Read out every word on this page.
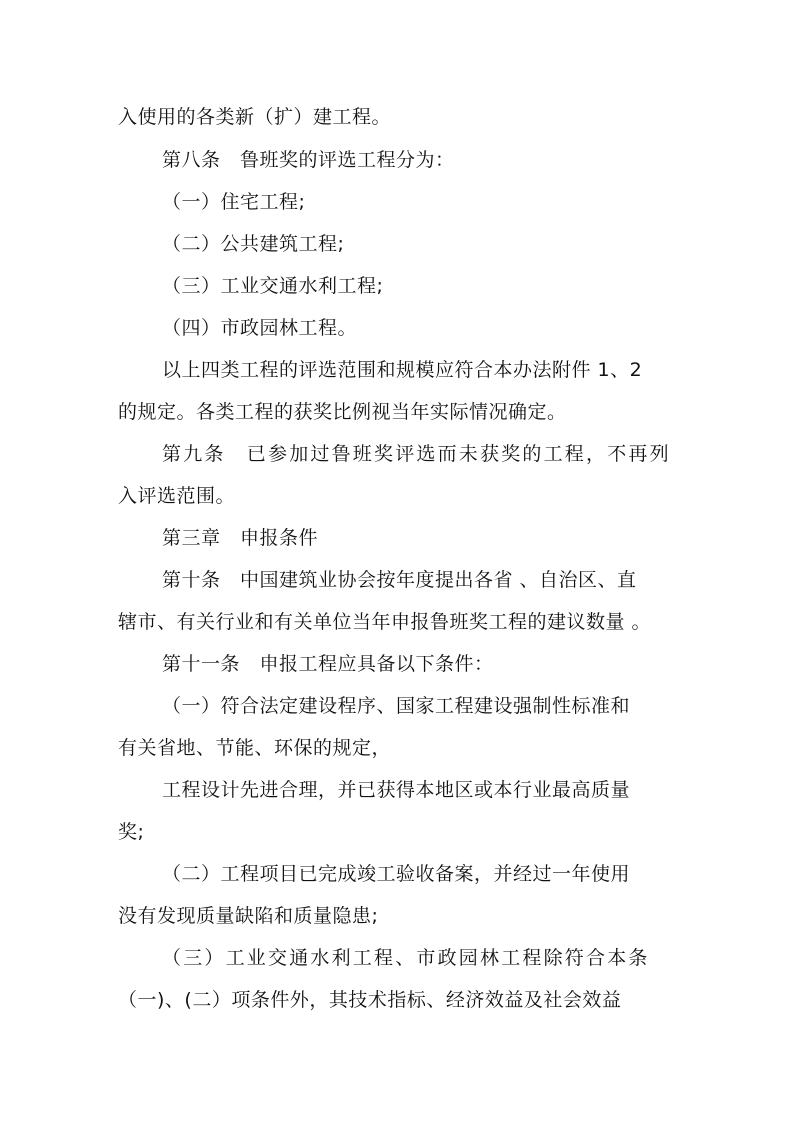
入使用的各类新（扩）建工程。
第八条　鲁班奖的评选工程分为：
（一）住宅工程;
（二）公共建筑工程;
（三）工业交通水利工程;
（四）市政园林工程。
以上四类工程的评选范围和规模应符合本办法附件 1、2
的规定。各类工程的获奖比例视当年实际情况确定。
第九条　已参加过鲁班奖评选而未获奖的工程，不再列
入评选范围。
第三章　申报条件
第十条　中国建筑业协会按年度提出各省 、自治区、直
辖市、有关行业和有关单位当年申报鲁班奖工程的建议数量 。
第十一条　申报工程应具备以下条件：
（一）符合法定建设程序、国家工程建设强制性标准和
有关省地、节能、环保的规定，
工程设计先进合理，并已获得本地区或本行业最高质量
奖;
（二）工程项目已完成竣工验收备案，并经过一年使用
没有发现质量缺陷和质量隐患;
（三）工业交通水利工程、市政园林工程除符合本条
（一)、(二）项条件外，其技术指标、经济效益及社会效益
